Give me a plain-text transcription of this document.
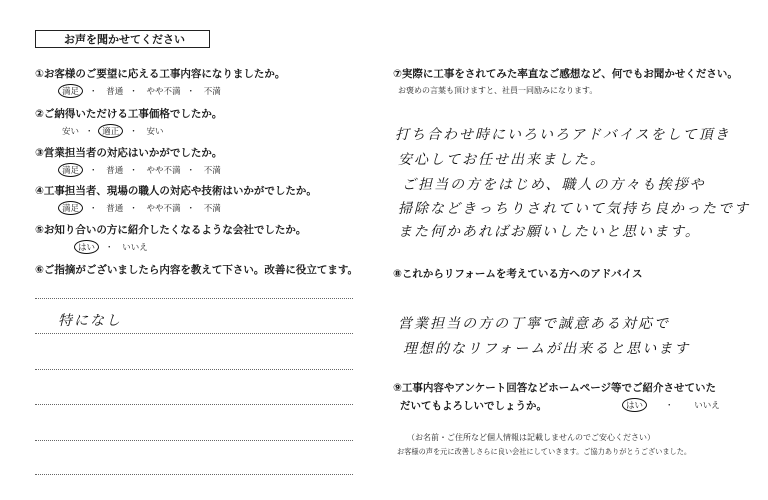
お声を聞かせてください
①お客様のご要望に応える工事内容になりましたか。
満足 ・ 普通 ・ やや不満 ・ 不満
②ご納得いただける工事価格でしたか。
安い ・ 適正 ・ 安い
③営業担当者の対応はいかがでしたか。
満足 ・ 普通 ・ やや不満 ・ 不満
④工事担当者、現場の職人の対応や技術はいかがでしたか。
満足 ・ 普通 ・ やや不満 ・ 不満
⑤お知り合いの方に紹介したくなるような会社でしたか。
はい ・ いいえ
⑥ご指摘がございましたら内容を教えて下さい。改善に役立てます。
特になし
⑦実際に工事をされてみた率直なご感想など、何でもお聞かせください。
お褒めの言葉も頂けますと、社員一同励みになります。
打ち合わせ時にいろいろアドバイスをして頂き
安心してお任せ出来ました。
ご担当の方をはじめ、職人の方々も挨拶や
掃除などきっちりされていて気持ち良かったです
また何かあればお願いしたいと思います。
⑧これからリフォームを考えている方へのアドバイス
営業担当の方の丁寧で誠意ある対応で
理想的なリフォームが出来ると思います
⑨工事内容やアンケート回答などホームページ等でご紹介させていた
だいてもよろしいでしょうか。	はい	・ いいえ
（お名前・ご住所など個人情報は記載しませんのでご安心ください）
お客様の声を元に改善しさらに良い会社にしていきます。ご協力ありがとうございました。
